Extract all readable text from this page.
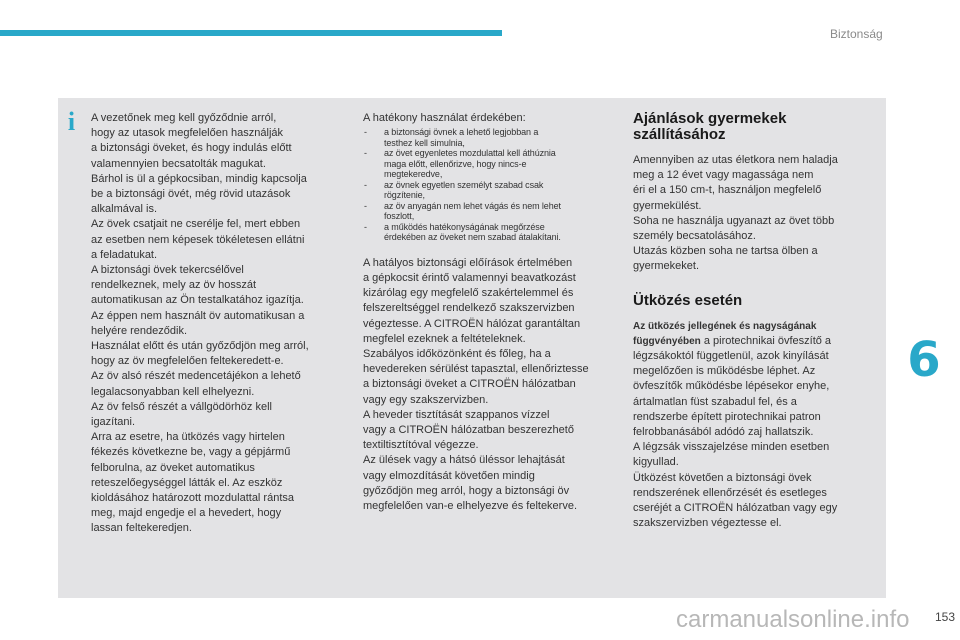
Biztonság
i	A vezetőnek meg kell győződnie arról,

hogy az utasok megfelelően használják

a biztonsági öveket, és hogy indulás előtt

valamennyien becsatolták magukat.

Bárhol is ül a gépkocsiban, mindig kapcsolja

be a biztonsági övét, még rövid utazások

alkalmával is.

Az övek csatjait ne cserélje fel, mert ebben

az esetben nem képesek tökéletesen ellátni

a feladatukat.

A biztonsági övek tekercsélővel

rendelkeznek, mely az öv hosszát

automatikusan az Ön testalkatához igazítja.

Az éppen nem használt öv automatikusan a

helyére rendeződik.

Használat előtt és után győződjön meg arról,

hogy az öv megfelelően feltekeredett-e.

Az öv alsó részét medencetájékon a lehető

legalacsonyabban kell elhelyezni.

Az öv felső részét a vállgödörhöz kell

igazítani.

Arra az esetre, ha ütközés vagy hirtelen

fékezés következne be, vagy a gépjármű

felborulna, az öveket automatikus

reteszelőegységgel látták el. Az eszköz

kioldásához határozott mozdulattal rántsa

meg, majd engedje el a hevedert, hogy

lassan feltekeredjen.

A hatékony használat érdekében:

- a biztonsági övnek a lehető legjobban a
testhez kell simulnia,
- az övet egyenletes mozdulattal kell áthúznia
maga előtt, ellenőrizve, hogy nincs-e
megtekeredve,
- az övnek egyetlen személyt szabad csak
rögzítenie,
- az öv anyagán nem lehet vágás és nem lehet
foszlott,
- a működés hatékonyságának megőrzése
érdekében az öveket nem szabad átalakítani.

A hatályos biztonsági előírások értelmében

a gépkocsit érintő valamennyi beavatkozást

kizárólag egy megfelelő szakértelemmel és

felszereltséggel rendelkező szakszervizben

végeztesse. A CITROËN hálózat garantáltan

megfelel ezeknek a feltételeknek.

Szabályos időközönként és főleg, ha a

hevedereken sérülést tapasztal, ellenőriztesse

a biztonsági öveket a CITROËN hálózatban

vagy egy szakszervizben.

A heveder tisztítását szappanos vízzel

vagy a CITROËN hálózatban beszerezhető

textiltisztítóval végezze.

Az ülések vagy a hátsó üléssor lehajtását

vagy elmozdítását követően mindig

győződjön meg arról, hogy a biztonsági öv

megfelelően van-e elhelyezve és feltekerve.

Ajánlások gyermekek
szállításához

Amennyiben az utas életkora nem haladja

meg a 12 évet vagy magassága nem

éri el a 150 cm-t, használjon megfelelő

gyermekülést.

Soha ne használja ugyanazt az övet több

személy becsatolásához.

Utazás közben soha ne tartsa ölben a

gyermekeket.

Ütközés esetén

Az ütközés jellegének és nagyságának

függvényében a pirotechnikai övfeszítő a

légzsákoktól függetlenül, azok kinyílását

megelőzően is működésbe léphet. Az

övfeszítők működésbe lépésekor enyhe,

ártalmatlan füst szabadul fel, és a

rendszerbe épített pirotechnikai patron

felrobbanásából adódó zaj hallatszik.

A légzsák visszajelzése minden esetben

kigyullad.

Ütközést követően a biztonsági övek

rendszerének ellenőrzését és esetleges

cseréjét a CITROËN hálózatban vagy egy

szakszervizben végeztesse el.

6
carmanualsonline.info	153
